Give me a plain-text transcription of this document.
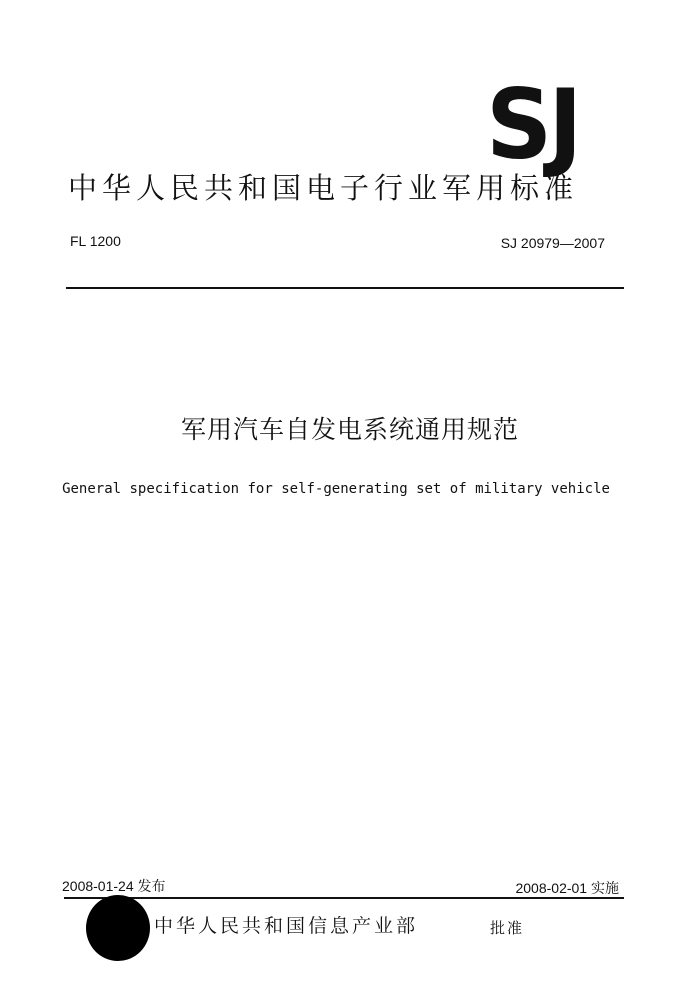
SJ
中华人民共和国电子行业军用标准
FL 1200	SJ 20979—2007
军用汽车自发电系统通用规范
General specification for self-generating set of military vehicle
2008-01-24 发布	2008-02-01 实施
中华人民共和国信息产业部	批准
